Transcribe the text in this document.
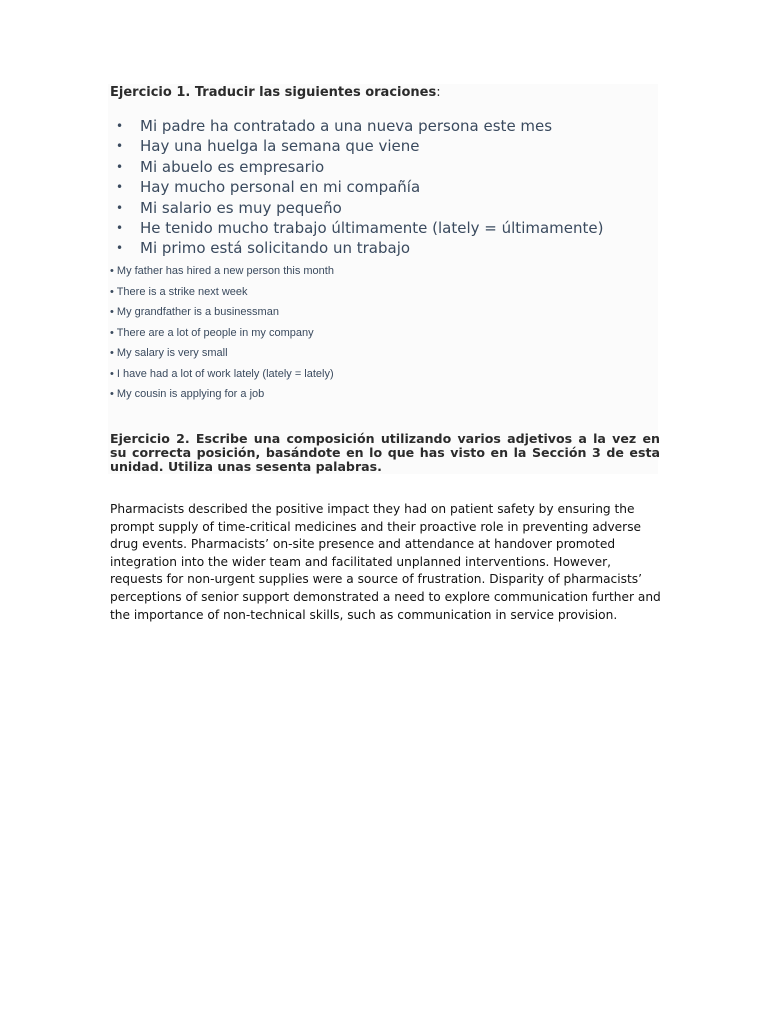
Ejercicio 1. Traducir las siguientes oraciones:
• Mi padre ha contratado a una nueva persona este mes
• Hay una huelga la semana que viene
• Mi abuelo es empresario
• Hay mucho personal en mi compañía
• Mi salario es muy pequeño
• He tenido mucho trabajo últimamente (lately = últimamente)
• Mi primo está solicitando un trabajo
• My father has hired a new person this month
• There is a strike next week
• My grandfather is a businessman
• There are a lot of people in my company
• My salary is very small
• I have had a lot of work lately (lately = lately)
• My cousin is applying for a job
Ejercicio 2. Escribe una composición utilizando varios adjetivos a la vez en su correcta posición, basándote en lo que has visto en la Sección 3 de esta unidad. Utiliza unas sesenta palabras.
Pharmacists described the positive impact they had on patient safety by ensuring the prompt supply of time-critical medicines and their proactive role in preventing adverse drug events. Pharmacists’ on-site presence and attendance at handover promoted integration into the wider team and facilitated unplanned interventions. However, requests for non-urgent supplies were a source of frustration. Disparity of pharmacists’ perceptions of senior support demonstrated a need to explore communication further and the importance of non-technical skills, such as communication in service provision.
